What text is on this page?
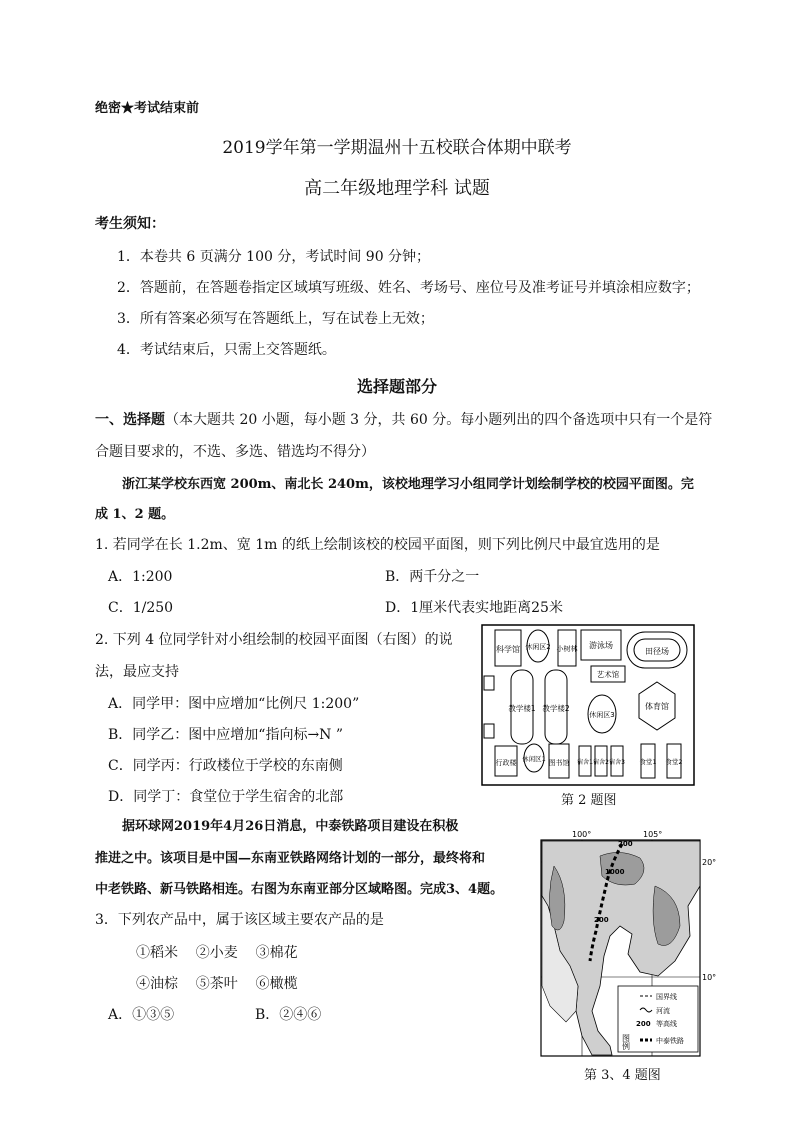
绝密★考试结束前
2019学年第一学期温州十五校联合体期中联考
高二年级地理学科 试题
考生须知：
1．本卷共 6 页满分 100 分，考试时间 90 分钟；
2．答题前，在答题卷指定区域填写班级、姓名、考场号、座位号及准考证号并填涂相应数字；
3．所有答案必须写在答题纸上，写在试卷上无效；
4．考试结束后，只需上交答题纸。
选择题部分
一、选择题（本大题共 20 小题，每小题 3 分，共 60 分。每小题列出的四个备选项中只有一个是符
合题目要求的，不选、多选、错选均不得分）
浙江某学校东西宽 200m、南北长 240m，该校地理学习小组同学计划绘制学校的校园平面图。完
成 1、2 题。
1. 若同学在长 1.2m、宽 1m 的纸上绘制该校的校园平面图，则下列比例尺中最宜选用的是
A．1:200	B．两千分之一
C．1/250	D．1厘米代表实地距离25米
2. 下列 4 位同学针对小组绘制的校园平面图（右图）的说
法，最应支持
A．同学甲：图中应增加“比例尺 1:200”
B．同学乙：图中应增加“指向标→N ”
C．同学丙：行政楼位于学校的东南侧
D．同学丁：食堂位于学生宿舍的北部
科学馆 休闲区2 小树林 游泳场
田径场
艺术馆
教学楼1 教学楼2
休闲区3
体育馆
行政楼 休闲区1 图书馆 宿舍1 宿舍2 宿舍3 食堂1 食堂2
第 2 题图
据环球网2019年4月26日消息，中泰铁路项目建设在积极
推进之中。该项目是中国—东南亚铁路网络计划的一部分，最终将和
中老铁路、新马铁路相连。右图为东南亚部分区域略图。完成3、4题。
3．下列农产品中，属于该区域主要农产品的是
①稻米    ②小麦    ③棉花
④油棕    ⑤茶叶    ⑥橄榄
A．①③⑤	B．②④⑥
100°	105°
20°
10°
200
1000
200
图例
国界线
河流
200 等高线
中泰铁路
第 3、4 题图
